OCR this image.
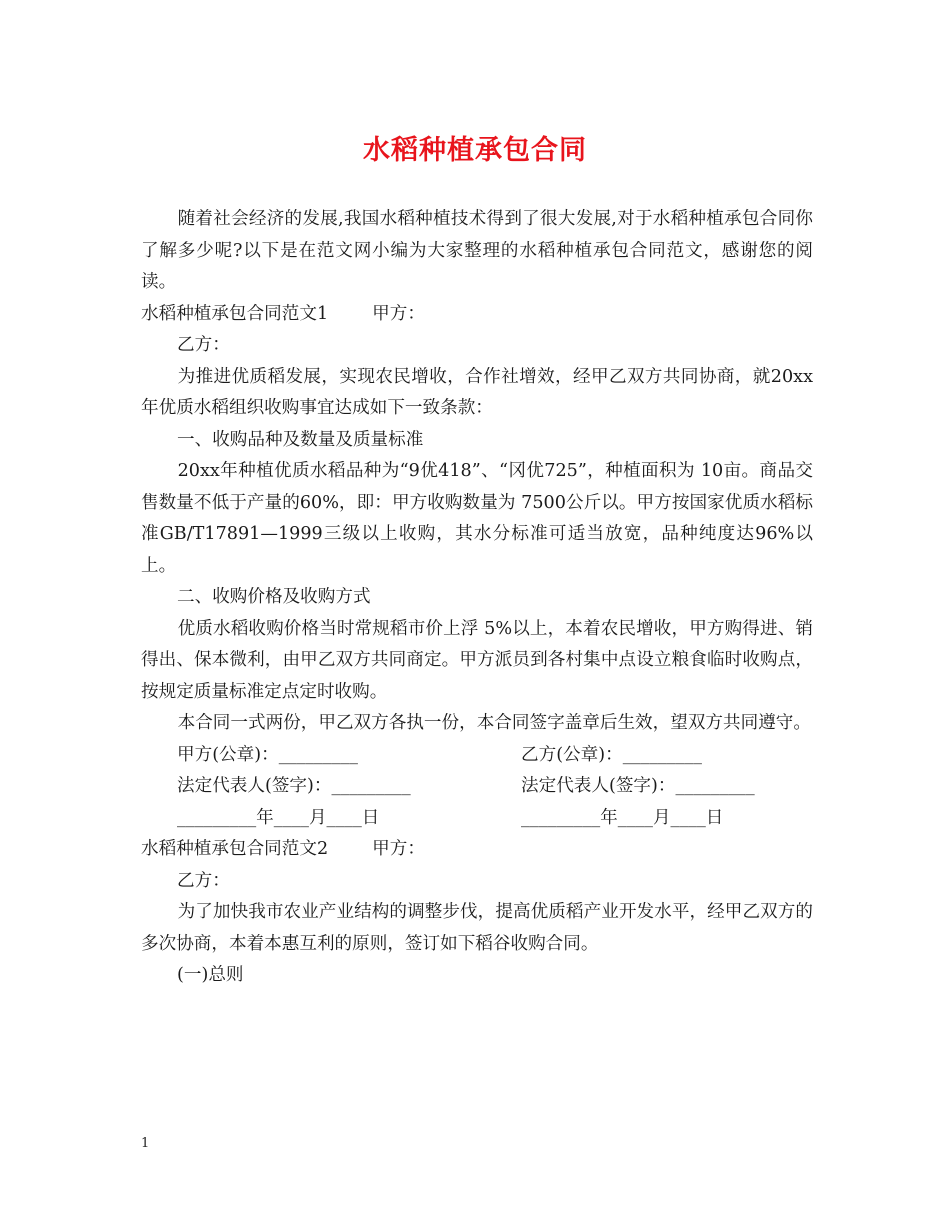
水稻种植承包合同

随着社会经济的发展,我国水稻种植技术得到了很大发展,对于水稻种植承包合同你了解多少呢?以下是在范文网小编为大家整理的水稻种植承包合同范文，感谢您的阅读。

水稻种植承包合同范文1	甲方：

乙方：

为推进优质稻发展，实现农民增收，合作社增效，经甲乙双方共同协商，就20xx年优质水稻组织收购事宜达成如下一致条款：

一、收购品种及数量及质量标准

20xx年种植优质水稻品种为“9优418”、“冈优725”，种植面积为 10亩。商品交售数量不低于产量的60%，即：甲方收购数量为 7500公斤以。甲方按国家优质水稻标准GB/T17891—1999三级以上收购，其水分标准可适当放宽，品种纯度达96%以上。

二、收购价格及收购方式

优质水稻收购价格当时常规稻市价上浮 5%以上，本着农民增收，甲方购得进、销得出、保本微利，由甲乙双方共同商定。甲方派员到各村集中点设立粮食临时收购点，按规定质量标准定点定时收购。

本合同一式两份，甲乙双方各执一份，本合同签字盖章后生效，望双方共同遵守。

甲方(公章)：_________	乙方(公章)：_________
法定代表人(签字)：_________	法定代表人(签字)：_________
_________年____月____日	_________年____月____日

水稻种植承包合同范文2	甲方：

乙方：

为了加快我市农业产业结构的调整步伐，提高优质稻产业开发水平，经甲乙双方的多次协商，本着本惠互利的原则，签订如下稻谷收购合同。

(一)总则

1
